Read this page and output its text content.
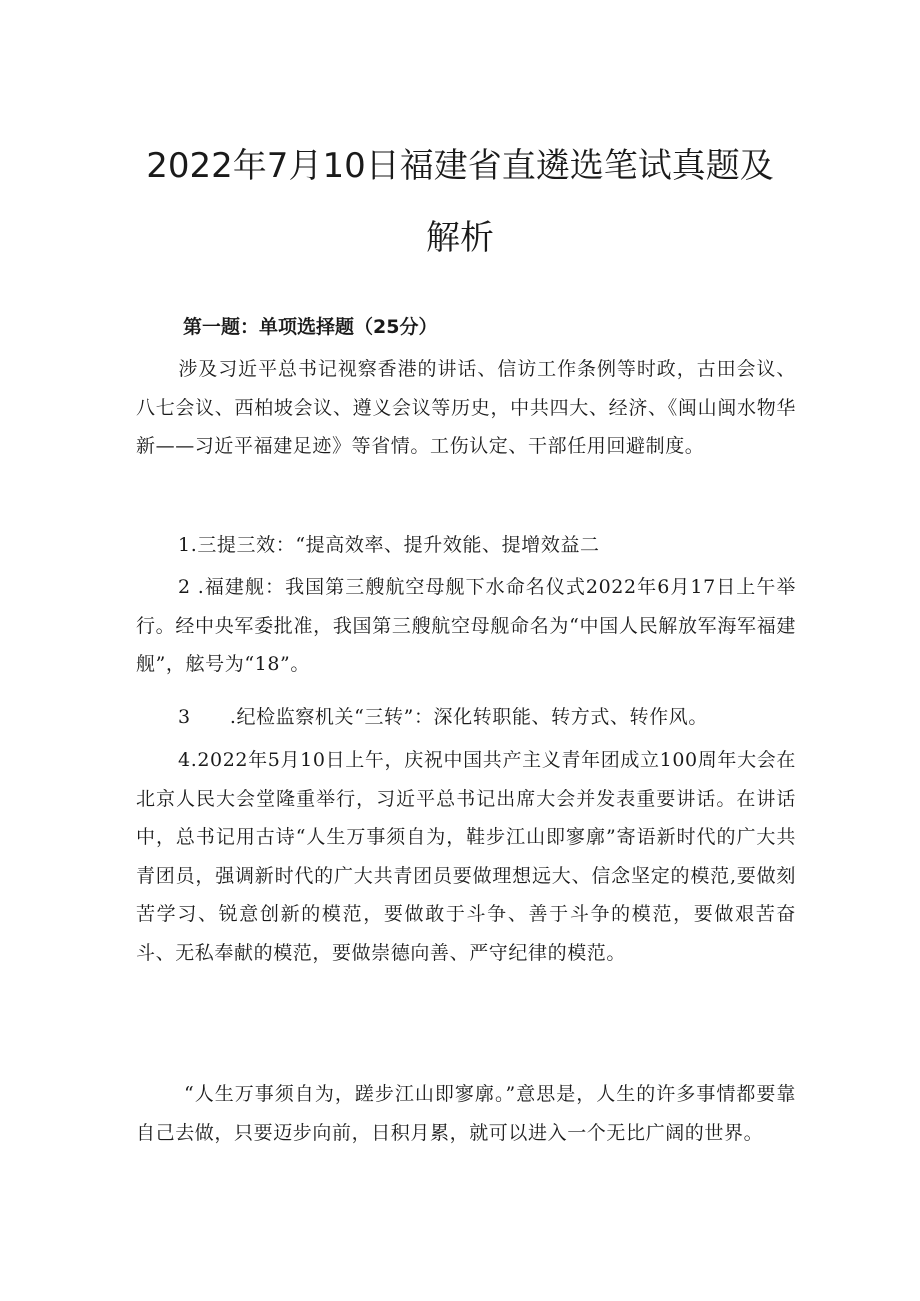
2022年7月10日福建省直遴选笔试真题及
解析
第一题：单项选择题（25分）
涉及习近平总书记视察香港的讲话、信访工作条例等时政，古田会议、八七会议、西柏坡会议、遵义会议等历史，中共四大、经济、《闽山闽水物华新——习近平福建足迹》等省情。工伤认定、干部任用回避制度。
1.三提三效：“提高效率、提升效能、提增效益二
2 .福建舰：我国第三艘航空母舰下水命名仪式2022年6月17日上午举行。经中央军委批准，我国第三艘航空母舰命名为“中国人民解放军海军福建舰”，舷号为“18”。
3　　.纪检监察机关“三转”：深化转职能、转方式、转作风。
4.2022年5月10日上午，庆祝中国共产主义青年团成立100周年大会在北京人民大会堂隆重举行，习近平总书记出席大会并发表重要讲话。在讲话中，总书记用古诗“人生万事须自为，鞋步江山即寥廓”寄语新时代的广大共青团员，强调新时代的广大共青团员要做理想远大、信念坚定的模范,要做刻苦学习、锐意创新的模范，要做敢于斗争、善于斗争的模范，要做艰苦奋斗、无私奉献的模范，要做崇德向善、严守纪律的模范。
“人生万事须自为，蹉步江山即寥廓。”意思是，人生的许多事情都要靠自己去做，只要迈步向前，日积月累，就可以进入一个无比广阔的世界。
